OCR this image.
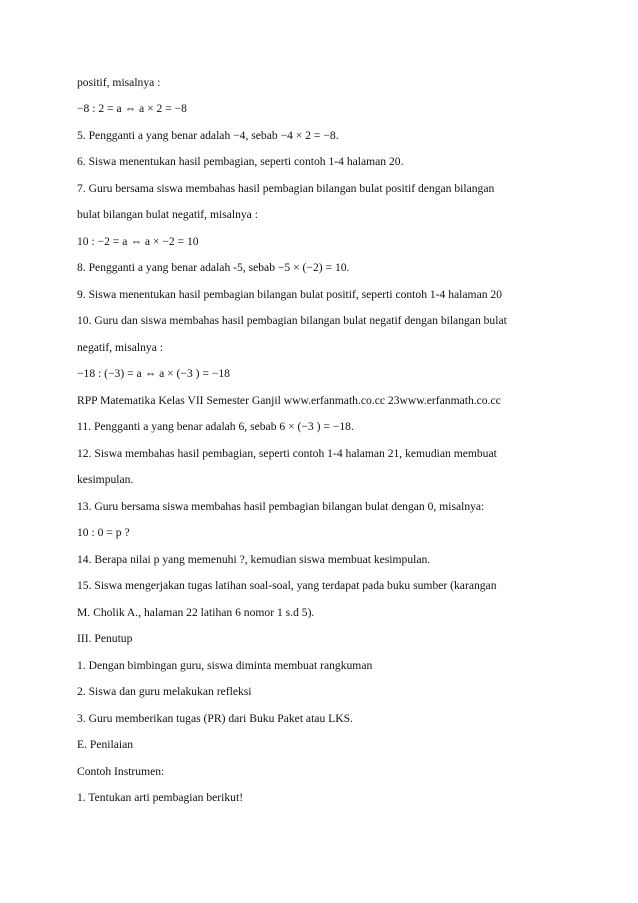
positif, misalnya :
−8 : 2 = a ⇔ a × 2 = −8
5. Pengganti a yang benar adalah −4, sebab −4 × 2 = −8.
6. Siswa menentukan hasil pembagian, seperti contoh 1-4 halaman 20.
7. Guru bersama siswa membahas hasil pembagian bilangan bulat positif dengan bilangan
bulat bilangan bulat negatif, misalnya :
10 : −2 = a ⇔ a × −2 = 10
8. Pengganti a yang benar adalah -5, sebab −5 × (−2) = 10.
9. Siswa menentukan hasil pembagian bilangan bulat positif, seperti contoh 1-4 halaman 20
10. Guru dan siswa membahas hasil pembagian bilangan bulat negatif dengan bilangan bulat
negatif, misalnya :
−18 : (−3) = a ⇔ a × (−3 ) = −18
RPP Matematika Kelas VII Semester Ganjil www.erfanmath.co.cc 23www.erfanmath.co.cc
11. Pengganti a yang benar adalah 6, sebab 6 × (−3 ) = −18.
12. Siswa membahas hasil pembagian, seperti contoh 1-4 halaman 21, kemudian membuat
kesimpulan.
13. Guru bersama siswa membahas hasil pembagian bilangan bulat dengan 0, misalnya:
10 : 0 = p ?
14. Berapa nilai p yang memenuhi ?, kemudian siswa membuat kesimpulan.
15. Siswa mengerjakan tugas latihan soal-soal, yang terdapat pada buku sumber (karangan
M. Cholik A., halaman 22 latihan 6 nomor 1 s.d 5).
III. Penutup
1. Dengan bimbingan guru, siswa diminta membuat rangkuman
2. Siswa dan guru melakukan refleksi
3. Guru memberikan tugas (PR) dari Buku Paket atau LKS.
E. Penilaian
Contoh Instrumen:
1. Tentukan arti pembagian berikut!
